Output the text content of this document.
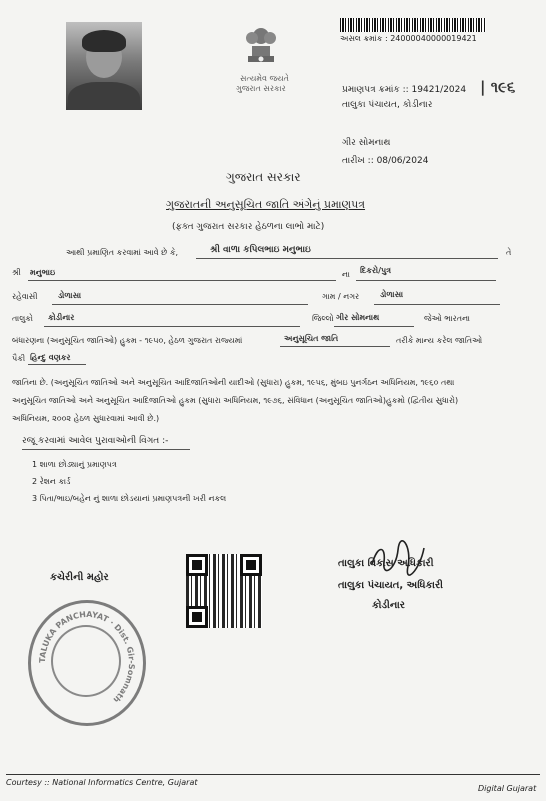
સત્યમેવ જયતે
ગુજરાત સરકાર
અસલ ક્રમાંક : 24000040000019421
પ્રમાણપત્ર ક્રમાંક :: 19421/2024 | ૧૯૬
તાલુકા પંચાયત, કોડીનાર
ગીર સોમનાથ
તારીખ :: 08/06/2024
ગુજરાત સરકાર
ગુજરાતની અનુસૂચિત જાતિ અંગેનું પ્રમાણપત્ર
(ફક્ત ગુજરાત સરકાર હેઠળના લાભો માટે)
આથી પ્રમાણિત કરવામાં આવે છે કે,	શ્રી વાળા કપિલભાઇ મનુભાઇ	તે
શ્રી મનુભાઇ	ના દિકરો/પુત્ર
રહેવાસી	ડોળાસા	ગામ / નગર	ડોળાસા
તાલુકો કોડીનાર	જિલ્લો ગીર સોમનાથ	જેઓ ભારતના
બંધારણના (અનુસૂચિત જાતિઓ) હુકમ - ૧૯૫૦, હેઠળ ગુજરાત રાજ્યમાં	અનુસૂચિત જાતિ	તરીકે માન્ય કરેલ જાતિઓ
પૈકી હિન્દુ વણકર
જાતિના છે. (અનુસૂચિત જાતિઓ અને અનુસૂચિત આદિજાતિઓની યાદીઓ (સુધારા) હુકમ, ૧૯૫૬, મુંબઇ પુનર્ગઠન અધિનિયમ, ૧૯૬૦ તથા
અનુસૂચિત જાતિઓ અને અનુસૂચિત આદિજાતિઓ હુકમ (સુધારા અધિનિયમ, ૧૯૭૬, સંવિધાન (અનુસૂચિત જાતિઓ)હુકમો (દ્વિતીય સુધારો)
અધિનિયમ, ૨૦૦૨ હેઠળ સુધારવામાં આવી છે.)
રજૂ કરવામાં આવેલ પુરાવાઓની વિગત :-
1 શાળા છોડ્યાનું પ્રમાણપત્ર
2 રેશન કાર્ડ
3 પિતા/ભાઇ/બહેન નું શાળા છોડયાનાં પ્રમાણપત્રની ખરી નકલ
કચેરીની મહોર
તાલુકા વિકાસ અધિકારી
તાલુકા પંચાયત, અધિકારી
કોડીનાર
TALUKA PANCHAYAT · Dist. Gir-Somnath
Courtesy :: National Informatics Centre, Gujarat
Digital Gujarat
